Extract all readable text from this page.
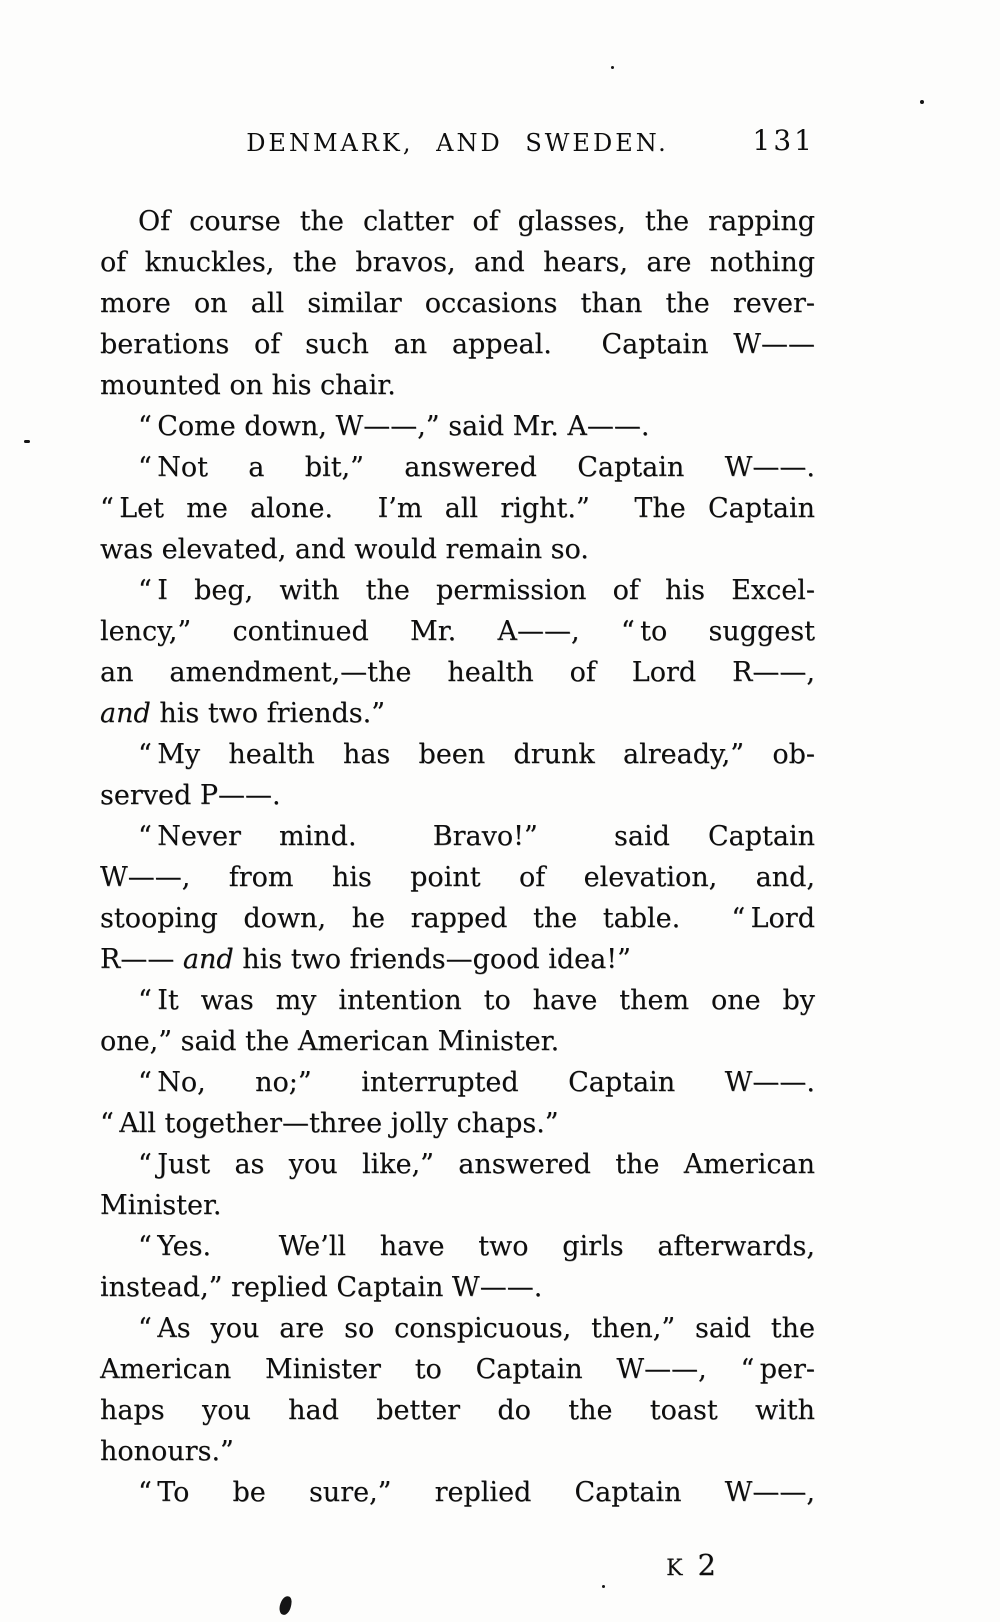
DENMARK, AND SWEDEN.	131
Of course the clatter of glasses, the rapping
of knuckles, the bravos, and hears, are nothing
more on all similar occasions than the rever-
berations of such an appeal.  Captain W——
mounted on his chair.
“ Come down, W——,” said Mr. A——.
“ Not a bit,” answered Captain W——.
“ Let me alone.  I’m all right.”  The Captain
was elevated, and would remain so.
“ I beg, with the permission of his Excel-
lency,” continued Mr. A——, “ to suggest
an amendment,—the health of Lord R——,
and his two friends.”
“ My health has been drunk already,” ob-
served P——.
“ Never mind.  Bravo!”  said Captain
W——, from his point of elevation, and,
stooping down, he rapped the table.  “ Lord
R—— and his two friends—good idea!”
“ It was my intention to have them one by
one,” said the American Minister.
“ No, no;” interrupted Captain W——.
“ All together—three jolly chaps.”
“ Just as you like,” answered the American
Minister.
“ Yes.  We’ll have two girls afterwards,
instead,” replied Captain W——.
“ As you are so conspicuous, then,” said the
American Minister to Captain W——, “ per-
haps you had better do the toast with
honours.”
“ To be sure,” replied Captain W——,
K 2
